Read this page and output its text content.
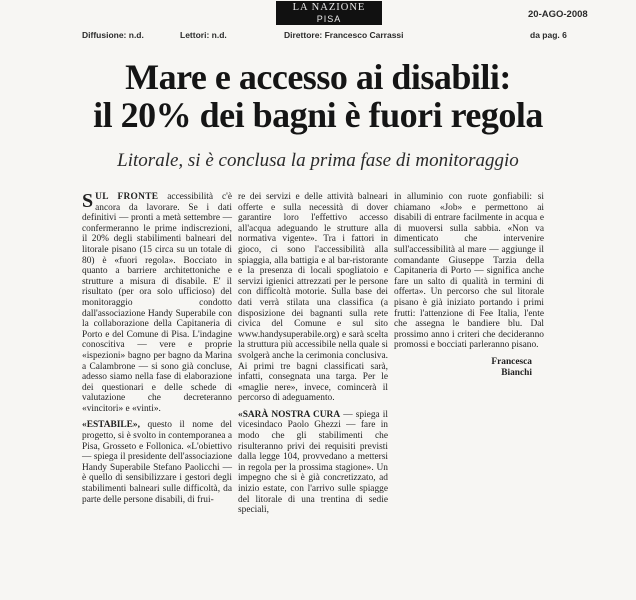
Diffusione: n.d.	Lettori: n.d.
LA NAZIONE
PISA
Direttore: Francesco Carrassi
20-AGO-2008
da pag. 6
Mare e accesso ai disabili:
il 20% dei bagni è fuori regola
Litorale, si è conclusa la prima fase di monitoraggio

SUL FRONTE accessibilità c'è ancora da lavorare. Se i dati definitivi — pronti a metà settembre — confermeranno le prime indiscrezioni, il 20% degli stabilimenti balneari del litorale pisano (15 circa su un totale di 80) è «fuori regola». Bocciato in quanto a barriere architettoniche e strutture a misura di disabile. E' il risultato (per ora solo ufficioso) del monitoraggio condotto dall'associazione Handy Superabile con la collaborazione della Capitaneria di Porto e del Comune di Pisa. L'indagine conoscitiva — vere e proprie «ispezioni» bagno per bagno da Marina a Calambrone — si sono già concluse, adesso siamo nella fase di elaborazione dei questionari e delle schede di valutazione che decreteranno «vincitori» e «vinti».

«ESTABILE», questo il nome del progetto, si è svolto in contemporanea a Pisa, Grosseto e Follonica. «L'obiettivo — spiega il presidente dell'associazione Handy Superabile Stefano Paolicchi — è quello di sensibilizzare i gestori degli stabilimenti balneari sulle difficoltà, da parte delle persone disabili, di frui-

re dei servizi e delle attività balneari offerte e sulla necessità di dover garantire loro l'effettivo accesso all'acqua adeguando le strutture alla normativa vigente». Tra i fattori in gioco, ci sono l'accessibilità alla spiaggia, alla battigia e al bar-ristorante e la presenza di locali spogliatoio e servizi igienici attrezzati per le persone con difficoltà motorie. Sulla base dei dati verrà stilata una classifica (a disposizione dei bagnanti sulla rete civica del Comune e sul sito www.handysuperabile.org) e sarà scelta la struttura più accessibile nella quale si svolgerà anche la cerimonia conclusiva. Ai primi tre bagni classificati sarà, infatti, consegnata una targa. Per le «maglie nere», invece, comincerà il percorso di adeguamento.

«SARÀ NOSTRA CURA — spiega il vicesindaco Paolo Ghezzi — fare in modo che gli stabilimenti che risulteranno privi dei requisiti previsti dalla legge 104, provvedano a mettersi in regola per la prossima stagione». Un impegno che si è già concretizzato, ad inizio estate, con l'arrivo sulle spiagge del litorale di una trentina di sedie speciali,

in alluminio con ruote gonfiabili: si chiamano «Job» e permettono ai disabili di entrare facilmente in acqua e di muoversi sulla sabbia. «Non va dimenticato che intervenire sull'accessibilità al mare — aggiunge il comandante Giuseppe Tarzia della Capitaneria di Porto — significa anche fare un salto di qualità in termini di offerta». Un percorso che sul litorale pisano è già iniziato portando i primi frutti: l'attenzione di Fee Italia, l'ente che assegna le bandiere blu. Dal prossimo anno i criteri che decideranno promossi e bocciati parleranno pisano.

Francesca
Bianchi
